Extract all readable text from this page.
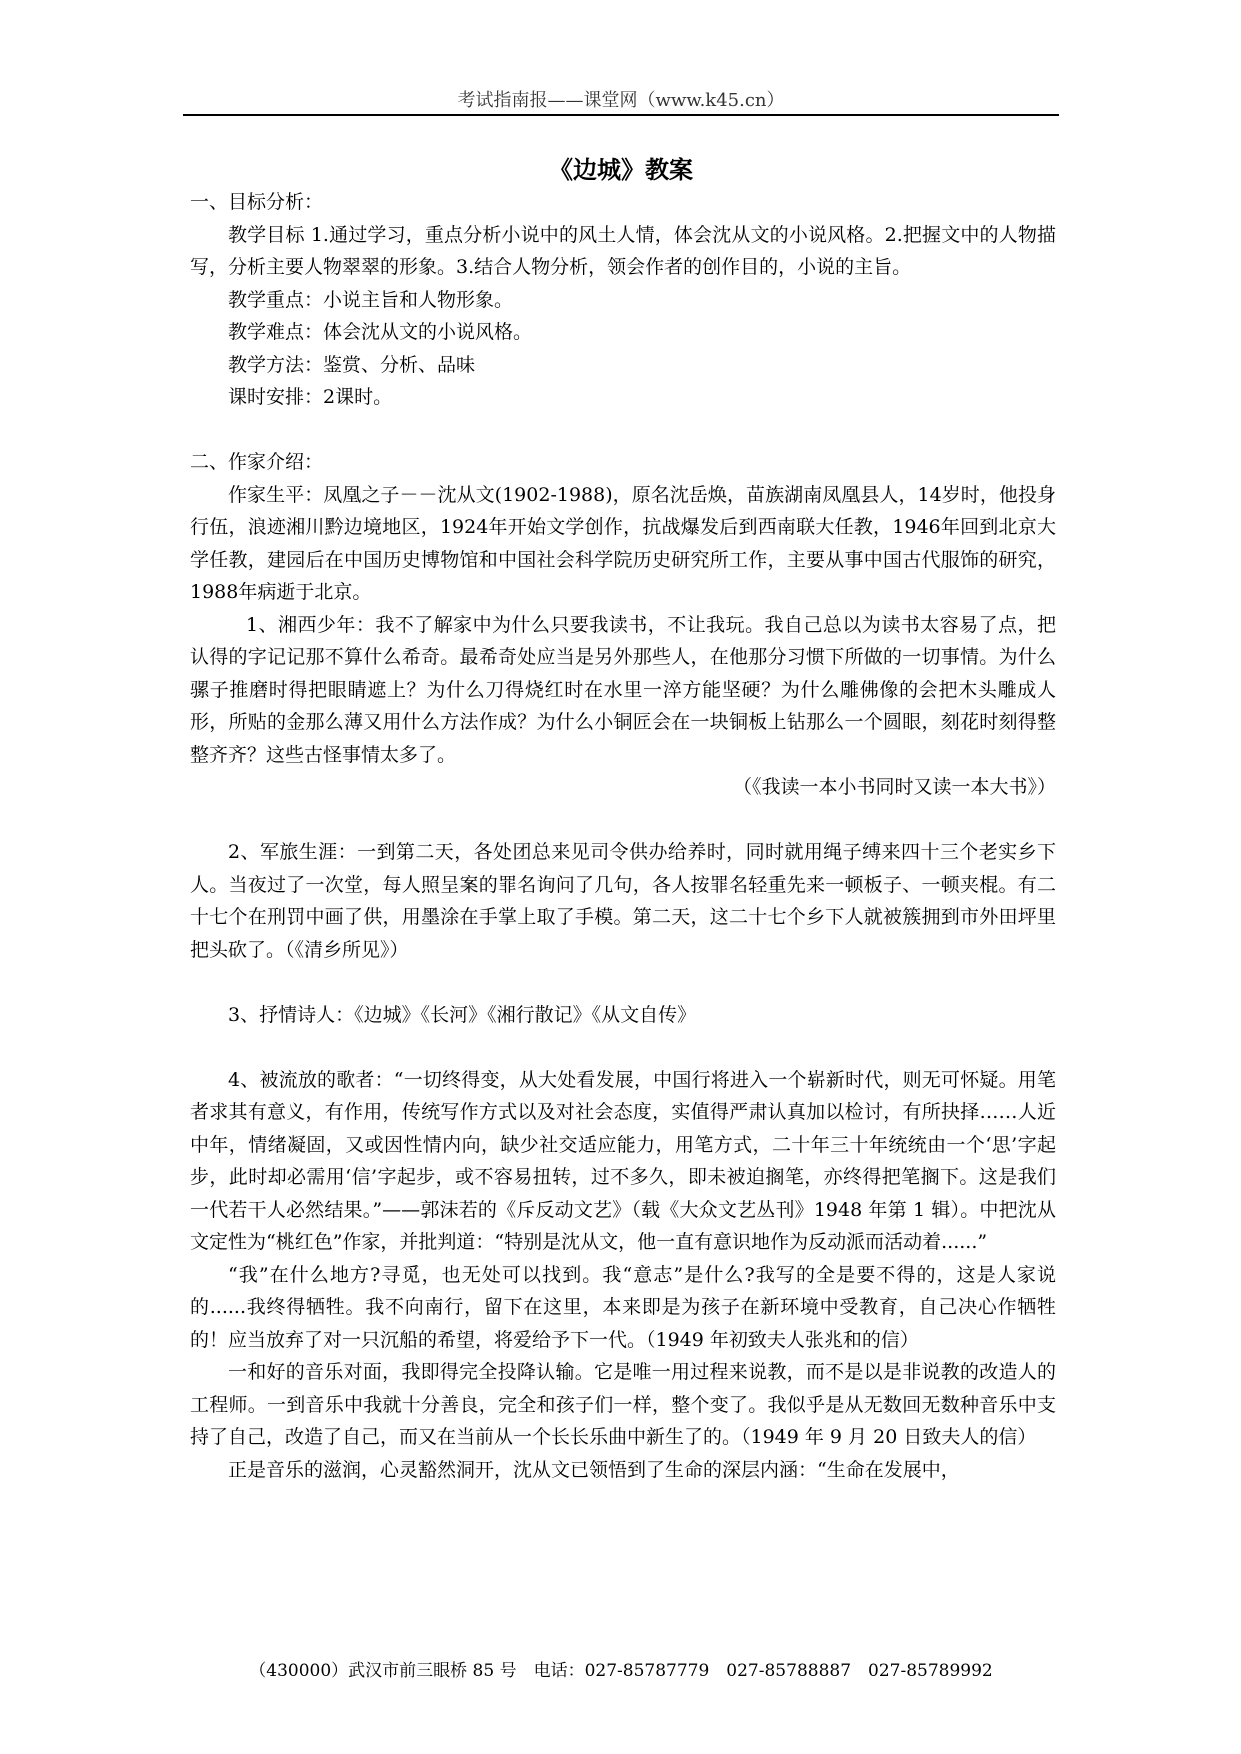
考试指南报——课堂网（www.k45.cn）
《边城》教案

一、目标分析：

教学目标 1.通过学习，重点分析小说中的风土人情，体会沈从文的小说风格。2.把握文中的人物描写，分析主要人物翠翠的形象。3.结合人物分析，领会作者的创作目的，小说的主旨。

教学重点：小说主旨和人物形象。

教学难点：体会沈从文的小说风格。

教学方法：鉴赏、分析、品味

课时安排：2课时。

二、作家介绍：

作家生平：凤凰之子－－沈从文(1902-1988)，原名沈岳焕，苗族湖南凤凰县人，14岁时，他投身行伍，浪迹湘川黔边境地区，1924年开始文学创作，抗战爆发后到西南联大任教，1946年回到北京大学任教，建园后在中国历史博物馆和中国社会科学院历史研究所工作，主要从事中国古代服饰的研究，1988年病逝于北京。

1、湘西少年：我不了解家中为什么只要我读书，不让我玩。我自己总以为读书太容易了点，把认得的字记记那不算什么希奇。最希奇处应当是另外那些人，在他那分习惯下所做的一切事情。为什么骡子推磨时得把眼睛遮上？为什么刀得烧红时在水里一淬方能坚硬？为什么雕佛像的会把木头雕成人形，所贴的金那么薄又用什么方法作成？为什么小铜匠会在一块铜板上钻那么一个圆眼，刻花时刻得整整齐齐？这些古怪事情太多了。

（《我读一本小书同时又读一本大书》）

2、军旅生涯：一到第二天，各处团总来见司令供办给养时，同时就用绳子缚来四十三个老实乡下人。当夜过了一次堂，每人照呈案的罪名询问了几句，各人按罪名轻重先来一顿板子、一顿夹棍。有二十七个在刑罚中画了供，用墨涂在手掌上取了手模。第二天，这二十七个乡下人就被簇拥到市外田坪里把头砍了。（《清乡所见》）

3、抒情诗人：《边城》《长河》《湘行散记》《从文自传》

4、被流放的歌者：“一切终得变，从大处看发展，中国行将进入一个崭新时代，则无可怀疑。用笔者求其有意义，有作用，传统写作方式以及对社会态度，实值得严肃认真加以检讨，有所抉择……人近中年，情绪凝固，又或因性情内向，缺少社交适应能力，用笔方式，二十年三十年统统由一个‘思’字起步，此时却必需用‘信’字起步，或不容易扭转，过不多久，即未被迫搁笔，亦终得把笔搁下。这是我们一代若干人必然结果。”——郭沫若的《斥反动文艺》（载《大众文艺丛刊》1948 年第 1 辑）。中把沈从文定性为“桃红色”作家，并批判道：“特别是沈从文，他一直有意识地作为反动派而活动着......”

“我”在什么地方?寻觅，也无处可以找到。我“意志”是什么?我写的全是要不得的，这是人家说的......我终得牺牲。我不向南行，留下在这里，本来即是为孩子在新环境中受教育，自己决心作牺牲的！应当放弃了对一只沉船的希望，将爱给予下一代。（1949 年初致夫人张兆和的信）

一和好的音乐对面，我即得完全投降认输。它是唯一用过程来说教，而不是以是非说教的改造人的工程师。一到音乐中我就十分善良，完全和孩子们一样，整个变了。我似乎是从无数回无数种音乐中支持了自己，改造了自己，而又在当前从一个长长乐曲中新生了的。（1949 年 9 月 20 日致夫人的信）

正是音乐的滋润，心灵豁然洞开，沈从文已领悟到了生命的深层内涵：“生命在发展中，

（430000）武汉市前三眼桥 85 号　电话：027-85787779　027-85788887　027-85789992
